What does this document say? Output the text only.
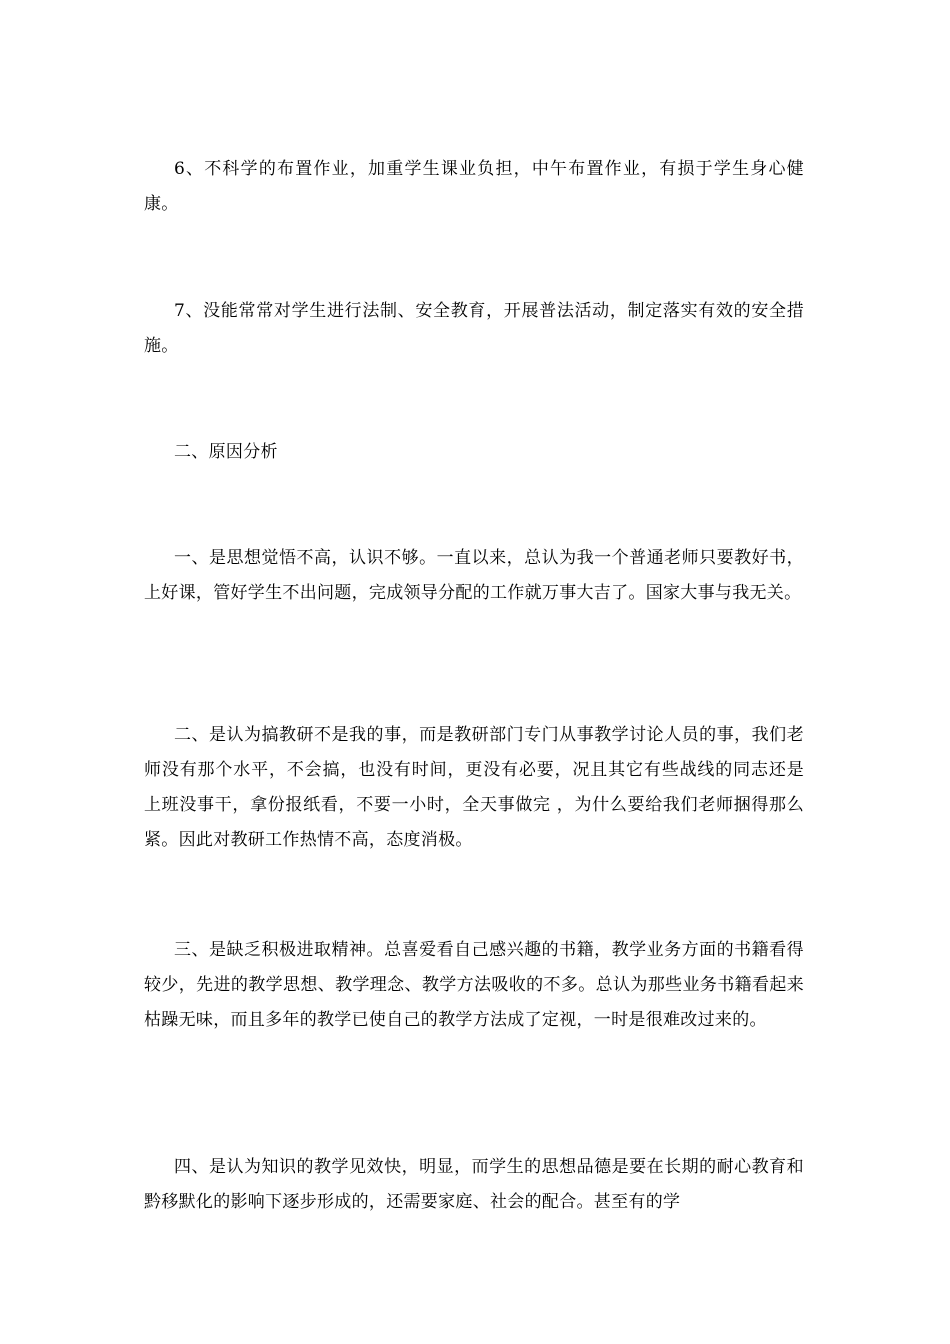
6、不科学的布置作业，加重学生课业负担，中午布置作业，有损于学生身心健康。

7、没能常常对学生进行法制、安全教育，开展普法活动，制定落实有效的安全措施。

二、原因分析

一、是思想觉悟不高，认识不够。一直以来，总认为我一个普通老师只要教好书，上好课，管好学生不出问题，完成领导分配的工作就万事大吉了。国家大事与我无关。

二、是认为搞教研不是我的事，而是教研部门专门从事教学讨论人员的事，我们老师没有那个水平，不会搞，也没有时间，更没有必要，况且其它有些战线的同志还是 上班没事干，拿份报纸看，不要一小时，全天事做完 ，为什么要给我们老师捆得那么紧。因此对教研工作热情不高，态度消极。

三、是缺乏积极进取精神。总喜爱看自己感兴趣的书籍，教学业务方面的书籍看得较少，先进的教学思想、教学理念、教学方法吸收的不多。总认为那些业务书籍看起来枯躁无味，而且多年的教学已使自己的教学方法成了定视，一时是很难改过来的。

四、是认为知识的教学见效快，明显，而学生的思想品德是要在长期的耐心教育和黔移默化的影响下逐步形成的，还需要家庭、社会的配合。甚至有的学
